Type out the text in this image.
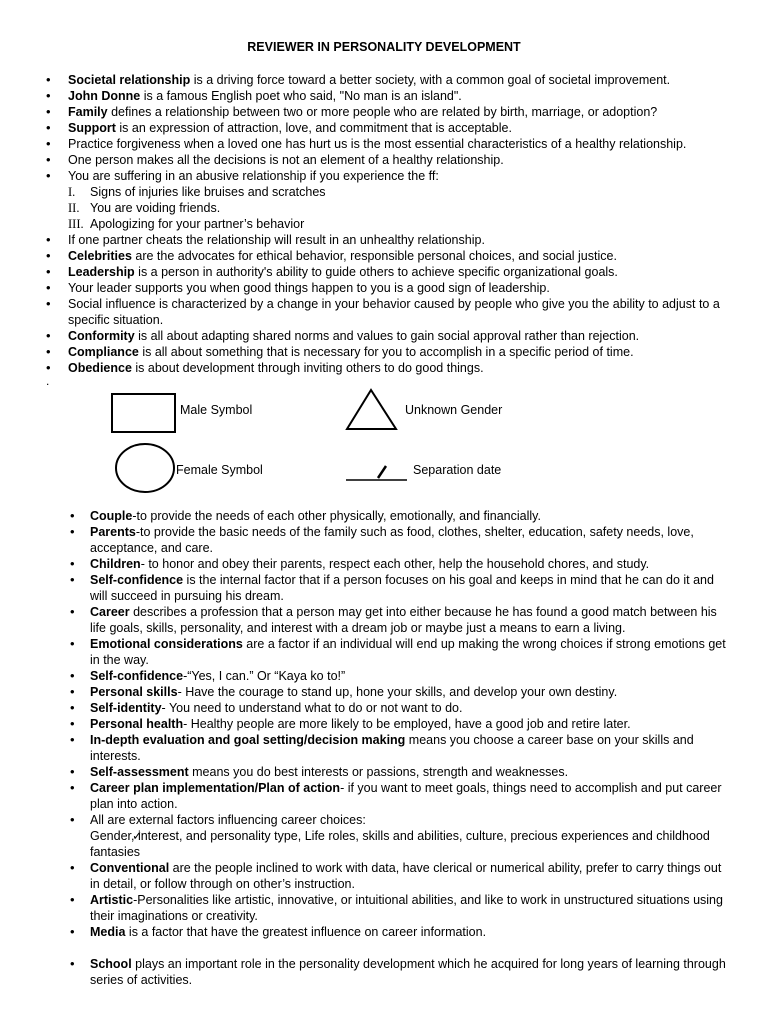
REVIEWER IN PERSONALITY DEVELOPMENT
• Societal relationship is a driving force toward a better society, with a common goal of societal improvement.
• John Donne is a famous English poet who said, "No man is an island".
• Family defines a relationship between two or more people who are related by birth, marriage, or adoption?
• Support is an expression of attraction, love, and commitment that is acceptable.
• Practice forgiveness when a loved one has hurt us is the most essential characteristics of a healthy relationship.
• One person makes all the decisions is not an element of a healthy relationship.
• You are suffering in an abusive relationship if you experience the ff:
I. Signs of injuries like bruises and scratches
II. You are voiding friends.
III. Apologizing for your partner’s behavior
• If one partner cheats the relationship will result in an unhealthy relationship.
• Celebrities are the advocates for ethical behavior, responsible personal choices, and social justice.
• Leadership is a person in authority's ability to guide others to achieve specific organizational goals.
• Your leader supports you when good things happen to you is a good sign of leadership.
• Social influence is characterized by a change in your behavior caused by people who give you the ability to adjust to a specific situation.
• Conformity is all about adapting shared norms and values to gain social approval rather than rejection.
• Compliance is all about something that is necessary for you to accomplish in a specific period of time.
• Obedience is about development through inviting others to do good things.
.
Male Symbol	Unknown Gender
Female Symbol	Separation date
• Couple-to provide the needs of each other physically, emotionally, and financially.
• Parents-to provide the basic needs of the family such as food, clothes, shelter, education, safety needs, love, acceptance, and care.
• Children- to honor and obey their parents, respect each other, help the household chores, and study.
• Self-confidence is the internal factor that if a person focuses on his goal and keeps in mind that he can do it and will succeed in pursuing his dream.
• Career describes a profession that a person may get into either because he has found a good match between his life goals, skills, personality, and interest with a dream job or maybe just a means to earn a living.
• Emotional considerations are a factor if an individual will end up making the wrong choices if strong emotions get in the way.
• Self-confidence-“Yes, I can.” Or “Kaya ko to!”
• Personal skills- Have the courage to stand up, hone your skills, and develop your own destiny.
• Self-identity- You need to understand what to do or not want to do.
• Personal health- Healthy people are more likely to be employed, have a good job and retire later.
• In-depth evaluation and goal setting/decision making means you choose a career base on your skills and interests.
• Self-assessment means you do best interests or passions, strength and weaknesses.
• Career plan implementation/Plan of action- if you want to meet goals, things need to accomplish and put career plan into action.
• All are external factors influencing career choices:
✓ Gender, interest, and personality type, Life roles, skills and abilities, culture, precious experiences and childhood fantasies
• Conventional are the people inclined to work with data, have clerical or numerical ability, prefer to carry things out in detail, or follow through on other’s instruction.
• Artistic-Personalities like artistic, innovative, or intuitional abilities, and like to work in unstructured situations using their imaginations or creativity.
• Media is a factor that have the greatest influence on career information.
• School plays an important role in the personality development which he acquired for long years of learning through series of activities.
